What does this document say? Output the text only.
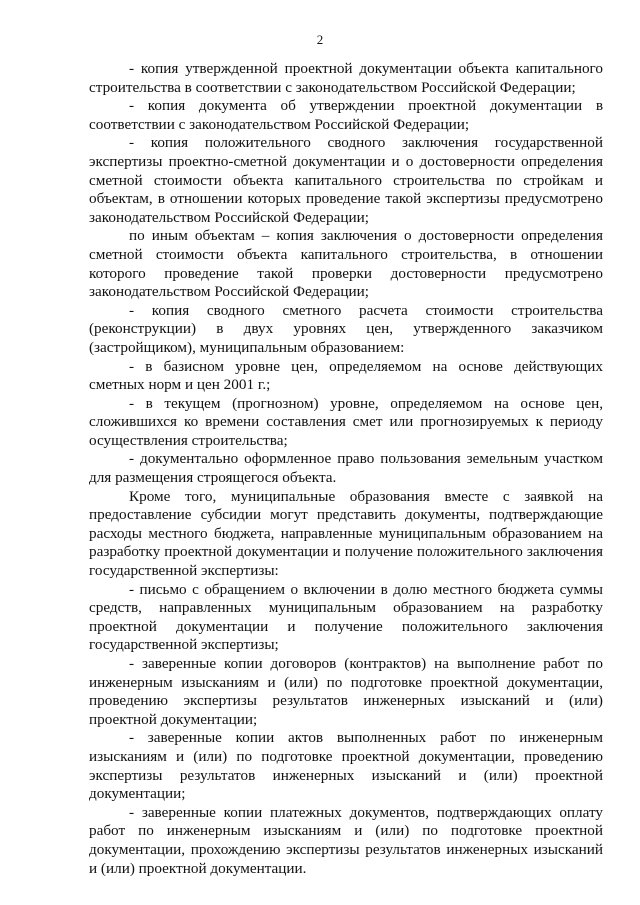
2

- копия утвержденной проектной документации объекта капитального строительства в соответствии с законодательством Российской Федерации;

- копия документа об утверждении проектной документации в соответствии с законодательством Российской Федерации;

- копия положительного сводного заключения государственной экспертизы проектно-сметной документации и о достоверности определения сметной стоимости объекта капитального строительства по стройкам и объектам, в отношении которых проведение такой экспертизы предусмотрено законодательством Российской Федерации;

по иным объектам – копия заключения о достоверности определения сметной стоимости объекта капитального строительства, в отношении которого проведение такой проверки достоверности предусмотрено законодательством Российской Федерации;

- копия сводного сметного расчета стоимости строительства (реконструкции) в двух уровнях цен, утвержденного заказчиком (застройщиком), муниципальным образованием:

- в базисном уровне цен, определяемом на основе действующих сметных норм и цен 2001 г.;

- в текущем (прогнозном) уровне, определяемом на основе цен, сложившихся ко времени составления смет или прогнозируемых к периоду осуществления строительства;

- документально оформленное право пользования земельным участком для размещения строящегося объекта.

Кроме того, муниципальные образования вместе с заявкой на предоставление субсидии могут представить документы, подтверждающие расходы местного бюджета, направленные муниципальным образованием на разработку проектной документации и получение положительного заключения государственной экспертизы:

- письмо с обращением о включении в долю местного бюджета суммы средств, направленных муниципальным образованием на разработку проектной документации и получение положительного заключения государственной экспертизы;

- заверенные копии договоров (контрактов) на выполнение работ по инженерным изысканиям и (или) по подготовке проектной документации, проведению экспертизы результатов инженерных изысканий и (или) проектной документации;

- заверенные копии актов выполненных работ по инженерным изысканиям и (или) по подготовке проектной документации, проведению экспертизы результатов инженерных изысканий и (или) проектной документации;

- заверенные копии платежных документов, подтверждающих оплату работ по инженерным изысканиям и (или) по подготовке проектной документации, прохождению экспертизы результатов инженерных изысканий и (или) проектной документации.
